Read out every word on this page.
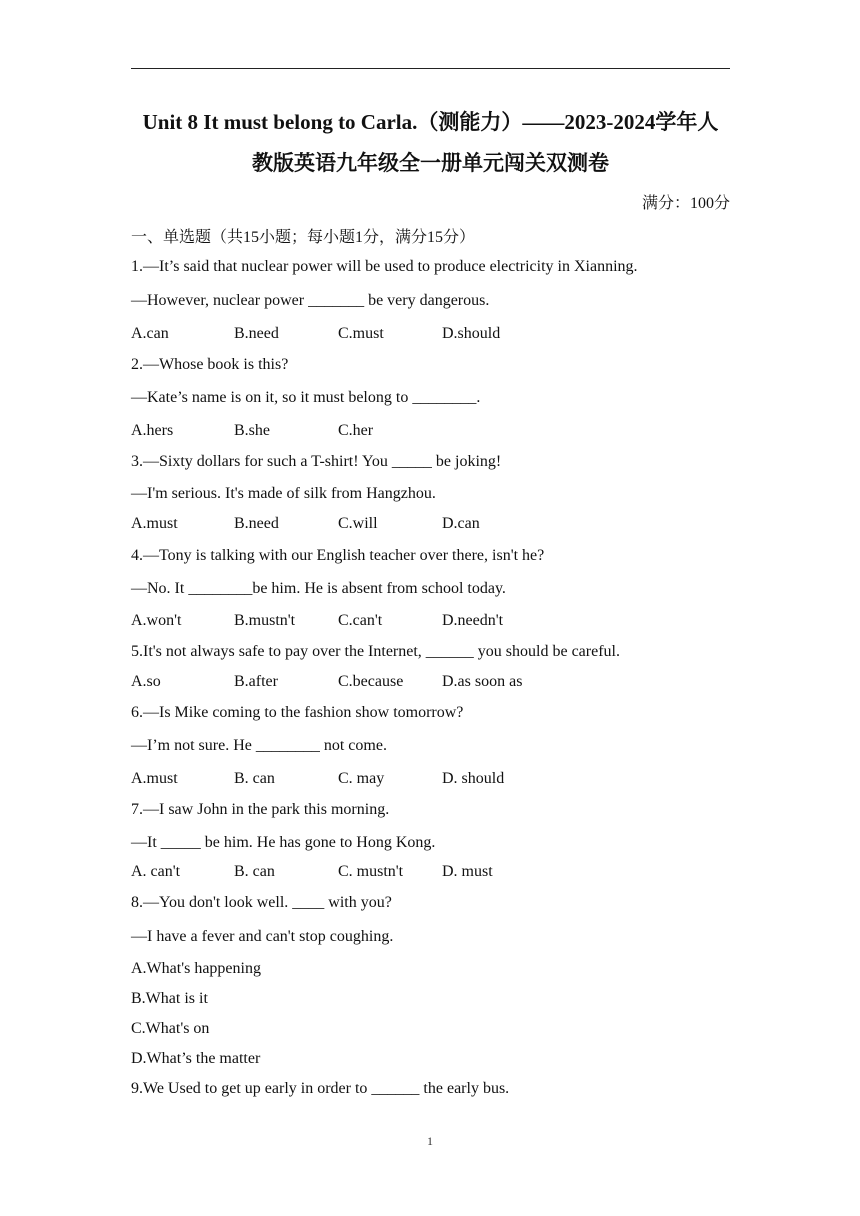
Unit 8 It must belong to Carla.（测能力）——2023-2024学年人
教版英语九年级全一册单元闯关双测卷
满分：100分
一、单选题（共15小题；每小题1分，满分15分）
1.—It’s said that nuclear power will be used to produce electricity in Xianning.
—However, nuclear power _______ be very dangerous.
A.can	B.need	C.must	D.should
2.—Whose book is this?
—Kate’s name is on it, so it must belong to ________.
A.hers	B.she	C.her
3.—Sixty dollars for such a T-shirt! You _____ be joking!
—I'm serious. It's made of silk from Hangzhou.
A.must	B.need	C.will	D.can
4.—Tony is talking with our English teacher over there, isn't he?
—No. It ________be him. He is absent from school today.
A.won't	B.mustn't	C.can't	D.needn't
5.It's not always safe to pay over the Internet, ______ you should be careful.
A.so	B.after	C.because D.as soon as
6.—Is Mike coming to the fashion show tomorrow?
—I’m not sure. He ________ not come.
A.must	B. can	C. may	D. should
7.—I saw John in the park this morning.
—It _____ be him. He has gone to Hong Kong.
A. can't	B. can	C. mustn't D. must
8.—You don't look well. ____ with you?
—I have a fever and can't stop coughing.
A.What's happening
B.What is it
C.What's on
D.What’s the matter
9.We Used to get up early in order to ______ the early bus.
1
